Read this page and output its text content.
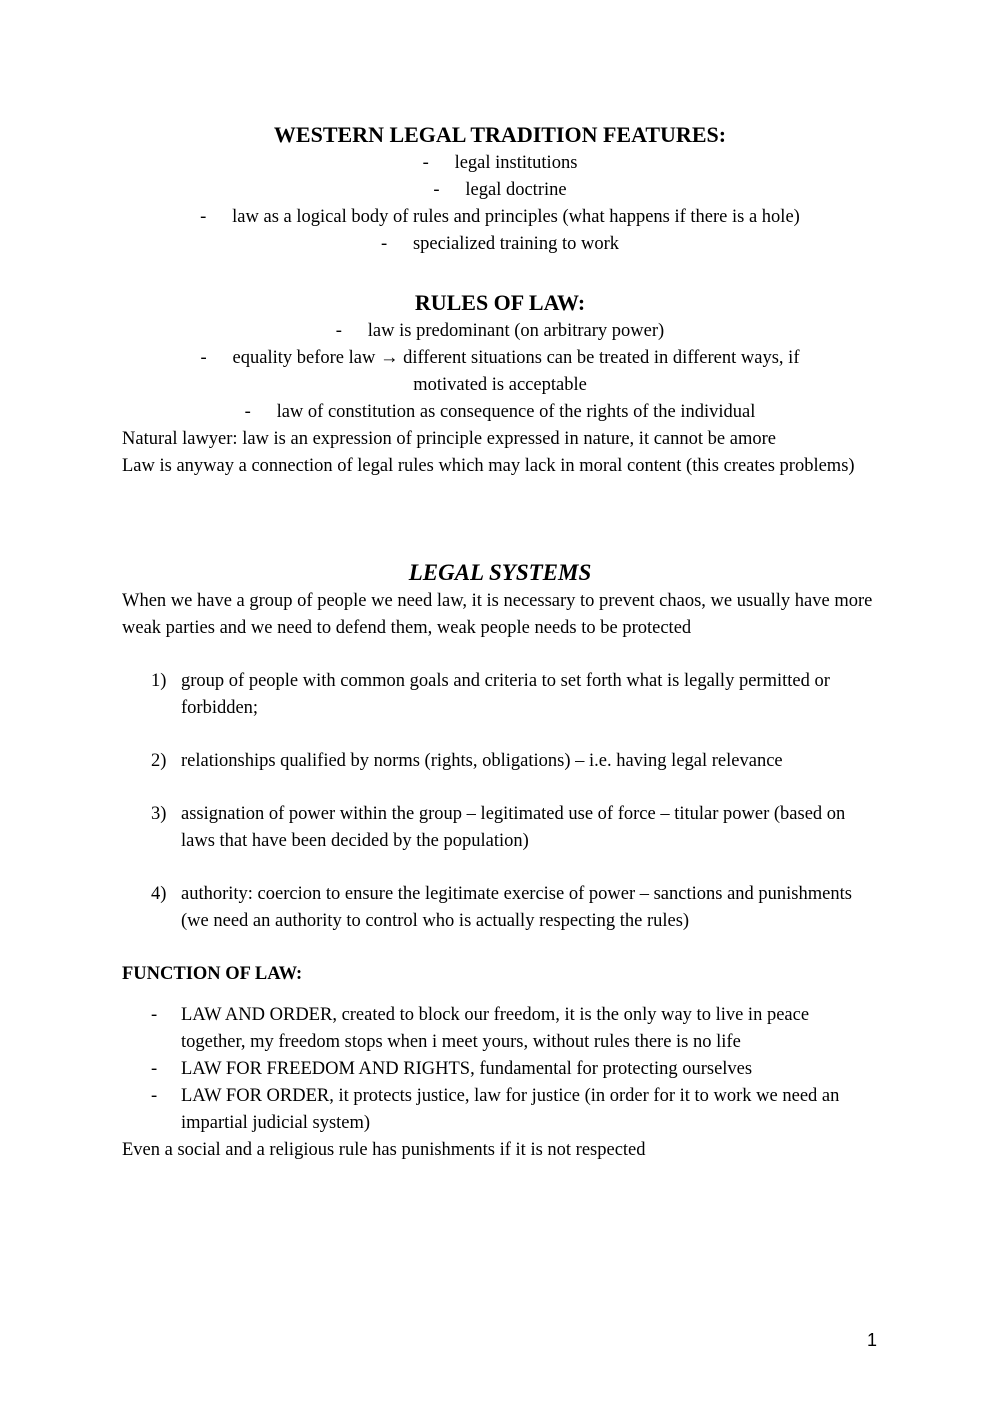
WESTERN LEGAL TRADITION FEATURES:
- legal institutions
- legal doctrine
- law as a logical body of rules and principles (what happens if there is a hole)
- specialized training to work
RULES OF LAW:
- law is predominant (on arbitrary power)
- equality before law → different situations can be treated in different ways, if
motivated is acceptable
- law of constitution as consequence of the rights of the individual

Natural lawyer: law is an expression of principle expressed in nature, it cannot be amore

Law is anyway a connection of legal rules which may lack in moral content (this creates problems)

LEGAL SYSTEMS

When we have a group of people we need law, it is necessary to prevent chaos, we usually have more weak parties and we need to defend them, weak people needs to be protected

1) group of people with common goals and criteria to set forth what is legally permitted or forbidden;
2) relationships qualified by norms (rights, obligations) – i.e. having legal relevance
3) assignation of power within the group – legitimated use of force – titular power (based on laws that have been decided by the population)
4) authority: coercion to ensure the legitimate exercise of power – sanctions and punishments (we need an authority to control who is actually respecting the rules)
FUNCTION OF LAW:
- LAW AND ORDER, created to block our freedom, it is the only way to live in peace together, my freedom stops when i meet yours, without rules there is no life
- LAW FOR FREEDOM AND RIGHTS, fundamental for protecting ourselves
- LAW FOR ORDER, it protects justice, law for justice (in order for it to work we need an impartial judicial system)

Even a social and a religious rule has punishments if it is not respected

1
